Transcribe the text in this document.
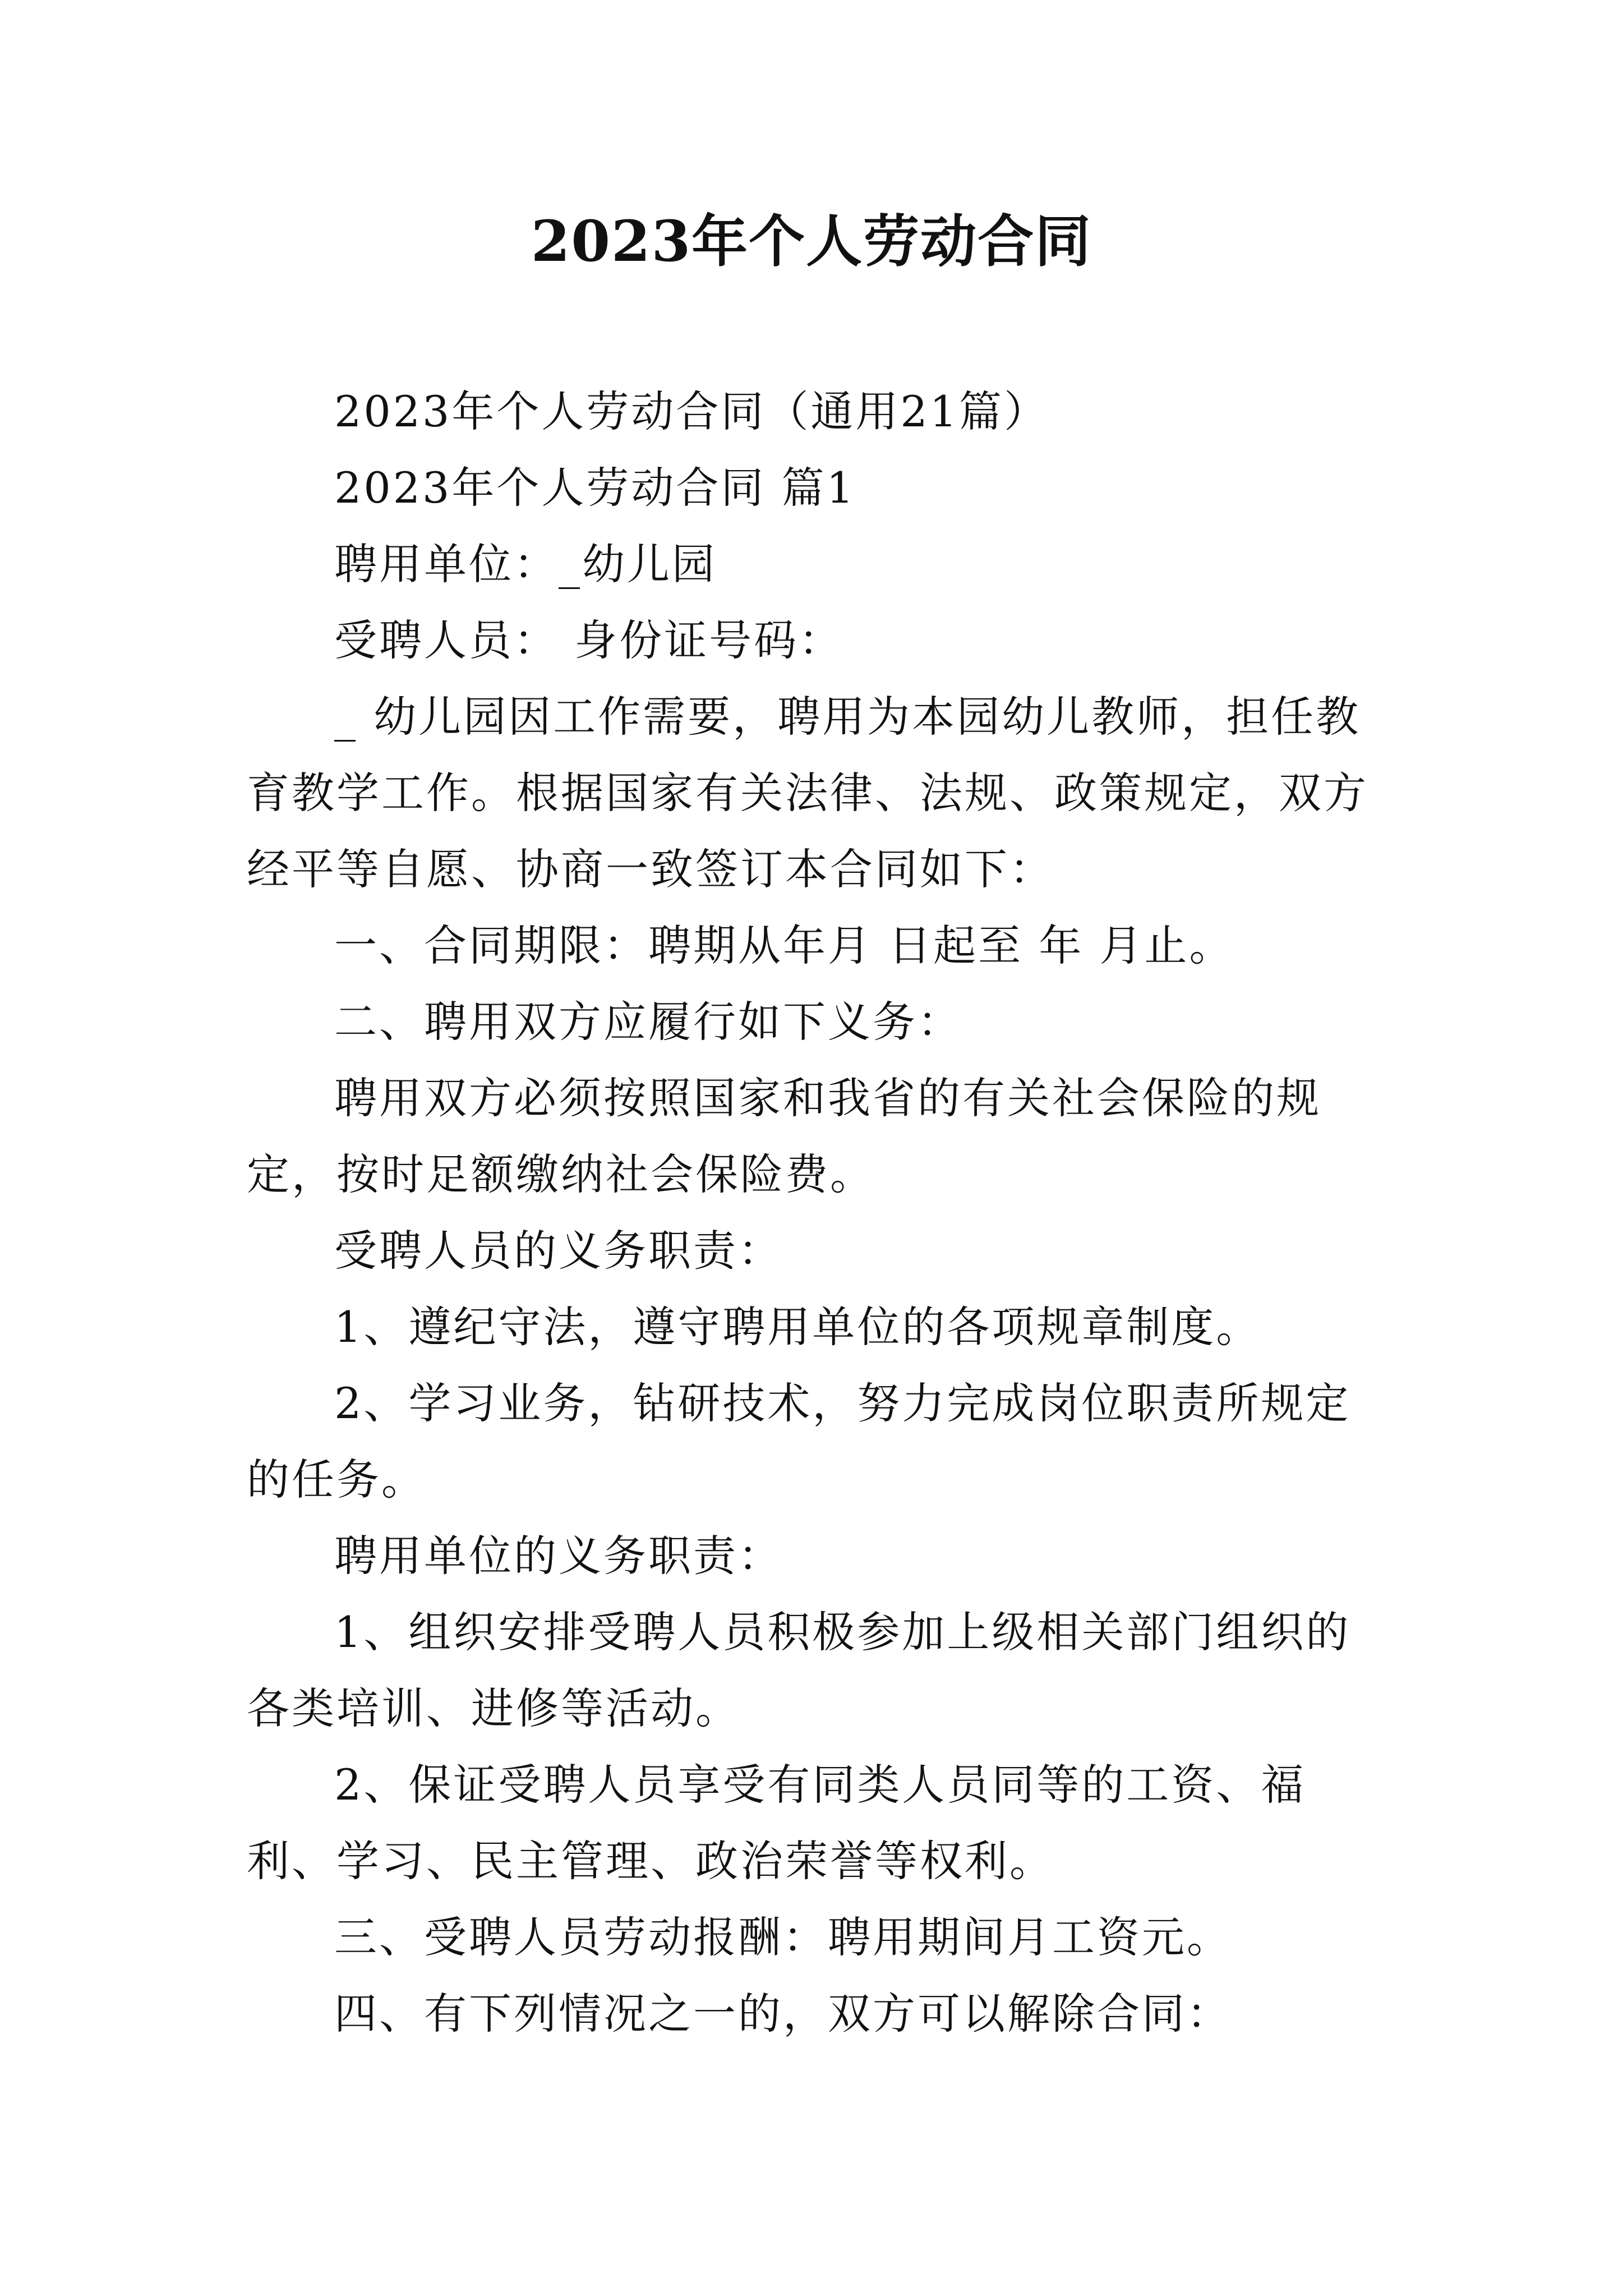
2023年个人劳动合同

2023年个人劳动合同（通用21篇）

2023年个人劳动合同 篇1

聘用单位：_幼儿园

受聘人员： 身份证号码：

_ 幼儿园因工作需要，聘用为本园幼儿教师，担任教育教学工作。根据国家有关法律、法规、政策规定，双方经平等自愿、协商一致签订本合同如下：

一、合同期限：聘期从年月 日起至 年 月止。

二、聘用双方应履行如下义务：

聘用双方必须按照国家和我省的有关社会保险的规定，按时足额缴纳社会保险费。

受聘人员的义务职责：

1、遵纪守法，遵守聘用单位的各项规章制度。

2、学习业务，钻研技术，努力完成岗位职责所规定的任务。

聘用单位的义务职责：

1、组织安排受聘人员积极参加上级相关部门组织的各类培训、进修等活动。

2、保证受聘人员享受有同类人员同等的工资、福利、学习、民主管理、政治荣誉等权利。

三、受聘人员劳动报酬：聘用期间月工资元。

四、有下列情况之一的，双方可以解除合同：
